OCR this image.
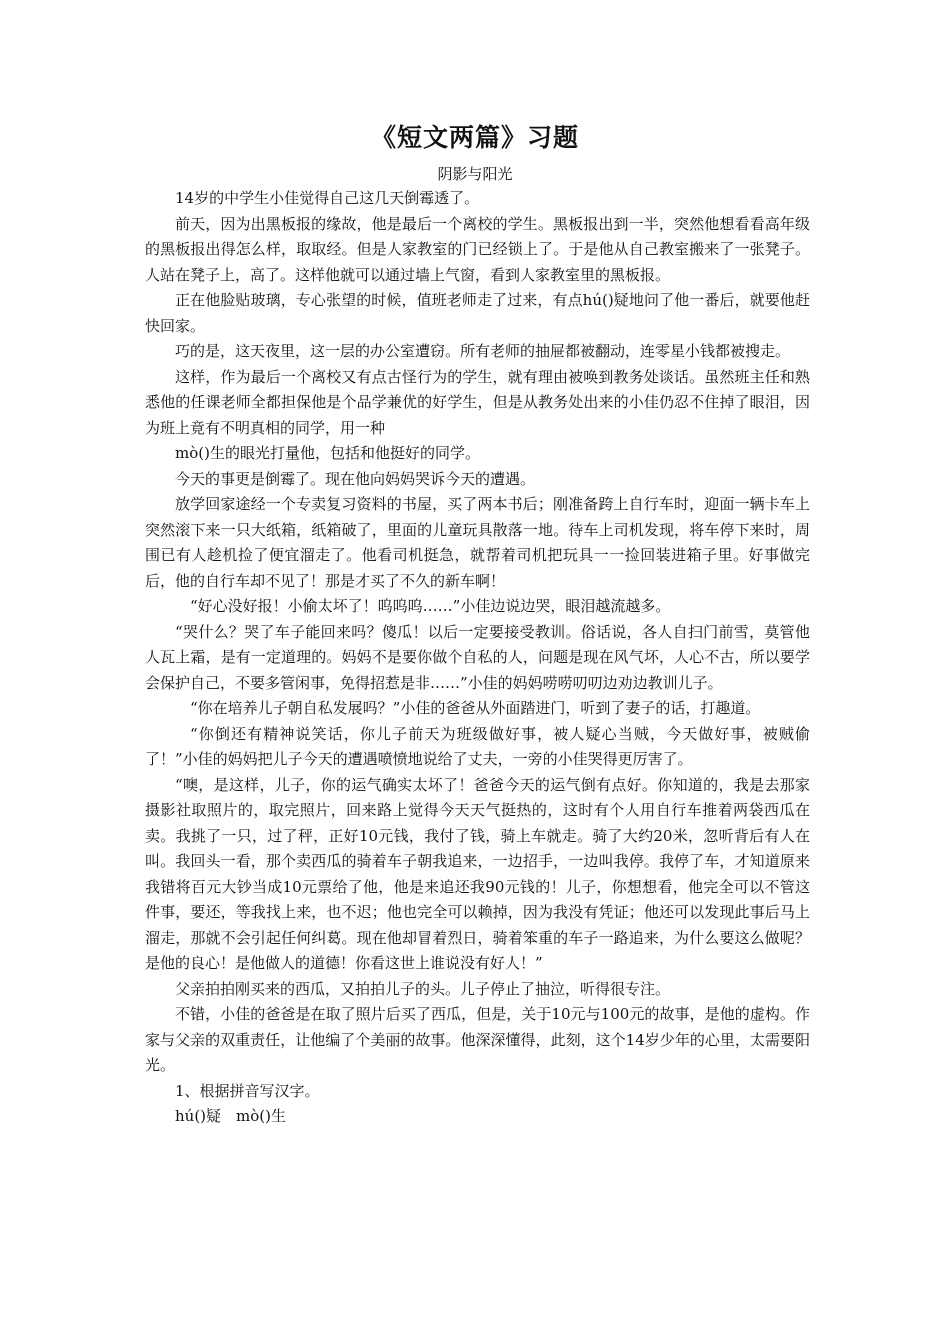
《短文两篇》习题
阴影与阳光

14岁的中学生小佳觉得自己这几天倒霉透了。

前天，因为出黑板报的缘故，他是最后一个离校的学生。黑板报出到一半，突然他想看看高年级的黑板报出得怎么样，取取经。但是人家教室的门已经锁上了。于是他从自己教室搬来了一张凳子。人站在凳子上，高了。这样他就可以通过墙上气窗，看到人家教室里的黑板报。

正在他脸贴玻璃，专心张望的时候，值班老师走了过来，有点hú()疑地问了他一番后，就要他赶快回家。

巧的是，这天夜里，这一层的办公室遭窃。所有老师的抽屉都被翻动，连零星小钱都被搜走。

这样，作为最后一个离校又有点古怪行为的学生，就有理由被唤到教务处谈话。虽然班主任和熟悉他的任课老师全都担保他是个品学兼优的好学生，但是从教务处出来的小佳仍忍不住掉了眼泪，因为班上竟有不明真相的同学，用一种

mò()生的眼光打量他，包括和他挺好的同学。

今天的事更是倒霉了。现在他向妈妈哭诉今天的遭遇。

放学回家途经一个专卖复习资料的书屋，买了两本书后；刚准备跨上自行车时，迎面一辆卡车上突然滚下来一只大纸箱，纸箱破了，里面的儿童玩具散落一地。待车上司机发现，将车停下来时，周围已有人趁机捡了便宜溜走了。他看司机挺急，就帮着司机把玩具一一捡回装进箱子里。好事做完后，他的自行车却不见了！那是才买了不久的新车啊！

“好心没好报！小偷太坏了！呜呜呜……”小佳边说边哭，眼泪越流越多。

“哭什么？哭了车子能回来吗？傻瓜！以后一定要接受教训。俗话说，各人自扫门前雪，莫管他人瓦上霜，是有一定道理的。妈妈不是要你做个自私的人，问题是现在风气坏，人心不古，所以要学会保护自己，不要多管闲事，免得招惹是非……”小佳的妈妈唠唠叨叨边劝边教训儿子。

“你在培养儿子朝自私发展吗？”小佳的爸爸从外面踏进门，听到了妻子的话，打趣道。

“你倒还有精神说笑话，你儿子前天为班级做好事，被人疑心当贼，今天做好事，被贼偷了！”小佳的妈妈把儿子今天的遭遇喷愤地说给了丈夫，一旁的小佳哭得更厉害了。

“噢，是这样，儿子，你的运气确实太坏了！爸爸今天的运气倒有点好。你知道的，我是去那家摄影社取照片的，取完照片，回来路上觉得今天天气挺热的，这时有个人用自行车推着两袋西瓜在卖。我挑了一只，过了秤，正好10元钱，我付了钱，骑上车就走。骑了大约20米，忽听背后有人在叫。我回头一看，那个卖西瓜的骑着车子朝我追来，一边招手，一边叫我停。我停了车，才知道原来我错将百元大钞当成10元票给了他，他是来追还我90元钱的！儿子，你想想看，他完全可以不管这件事，要还，等我找上来，也不迟；他也完全可以赖掉，因为我没有凭证；他还可以发现此事后马上溜走，那就不会引起任何纠葛。现在他却冒着烈日，骑着笨重的车子一路追来，为什么要这么做呢？是他的良心！是他做人的道德！你看这世上谁说没有好人！”

父亲拍拍刚买来的西瓜，又拍拍儿子的头。儿子停止了抽泣，听得很专注。

不错，小佳的爸爸是在取了照片后买了西瓜，但是，关于10元与100元的故事，是他的虚构。作家与父亲的双重责任，让他编了个美丽的故事。他深深懂得，此刻，这个14岁少年的心里，太需要阳光。

1、根据拼音写汉字。

hú()疑　mò()生
